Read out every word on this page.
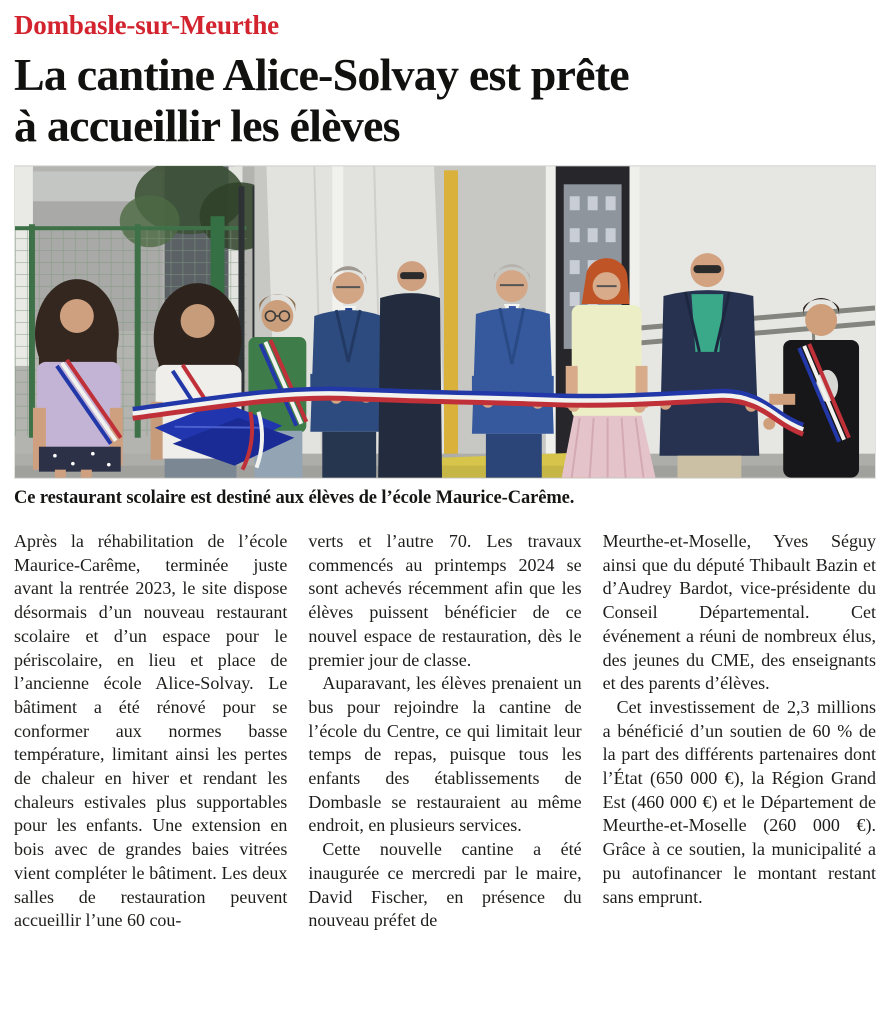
Dombasle-sur-Meurthe
La cantine Alice-Solvay est prête
à accueillir les élèves
Ce restaurant scolaire est destiné aux élèves de l’école Maurice-Carême.

Après la réhabilitation de l’école Maurice-Carême, terminée juste avant la rentrée 2023, le site dispose désormais d’un nouveau restaurant scolaire et d’un espace pour le périscolaire, en lieu et place de l’ancienne école Alice-Solvay. Le bâtiment a été rénové pour se conformer aux normes basse température, limitant ainsi les pertes de chaleur en hiver et rendant les chaleurs estivales plus supportables pour les enfants. Une extension en bois avec de grandes baies vitrées vient compléter le bâtiment. Les deux salles de restauration peuvent accueillir l’une 60 cou-

verts et l’autre 70. Les travaux commencés au printemps 2024 se sont achevés récemment afin que les élèves puissent bénéficier de ce nouvel espace de restauration, dès le premier jour de classe.

Auparavant, les élèves prenaient un bus pour rejoindre la cantine de l’école du Centre, ce qui limitait leur temps de repas, puisque tous les enfants des établissements de Dombasle se restauraient au même endroit, en plusieurs services.

Cette nouvelle cantine a été inaugurée ce mercredi par le maire, David Fischer, en présence du nouveau préfet de

Meurthe-et-Moselle, Yves Séguy ainsi que du député Thibault Bazin et d’Audrey Bardot, vice-présidente du Conseil Départemental. Cet événement a réuni de nombreux élus, des jeunes du CME, des enseignants et des parents d’élèves.

Cet investissement de 2,3 millions a bénéficié d’un soutien de 60 % de la part des différents partenaires dont l’État (650 000 €), la Région Grand Est (460 000 €) et le Département de Meurthe-et-Moselle (260 000 €). Grâce à ce soutien, la municipalité a pu autofinancer le montant restant sans emprunt.
